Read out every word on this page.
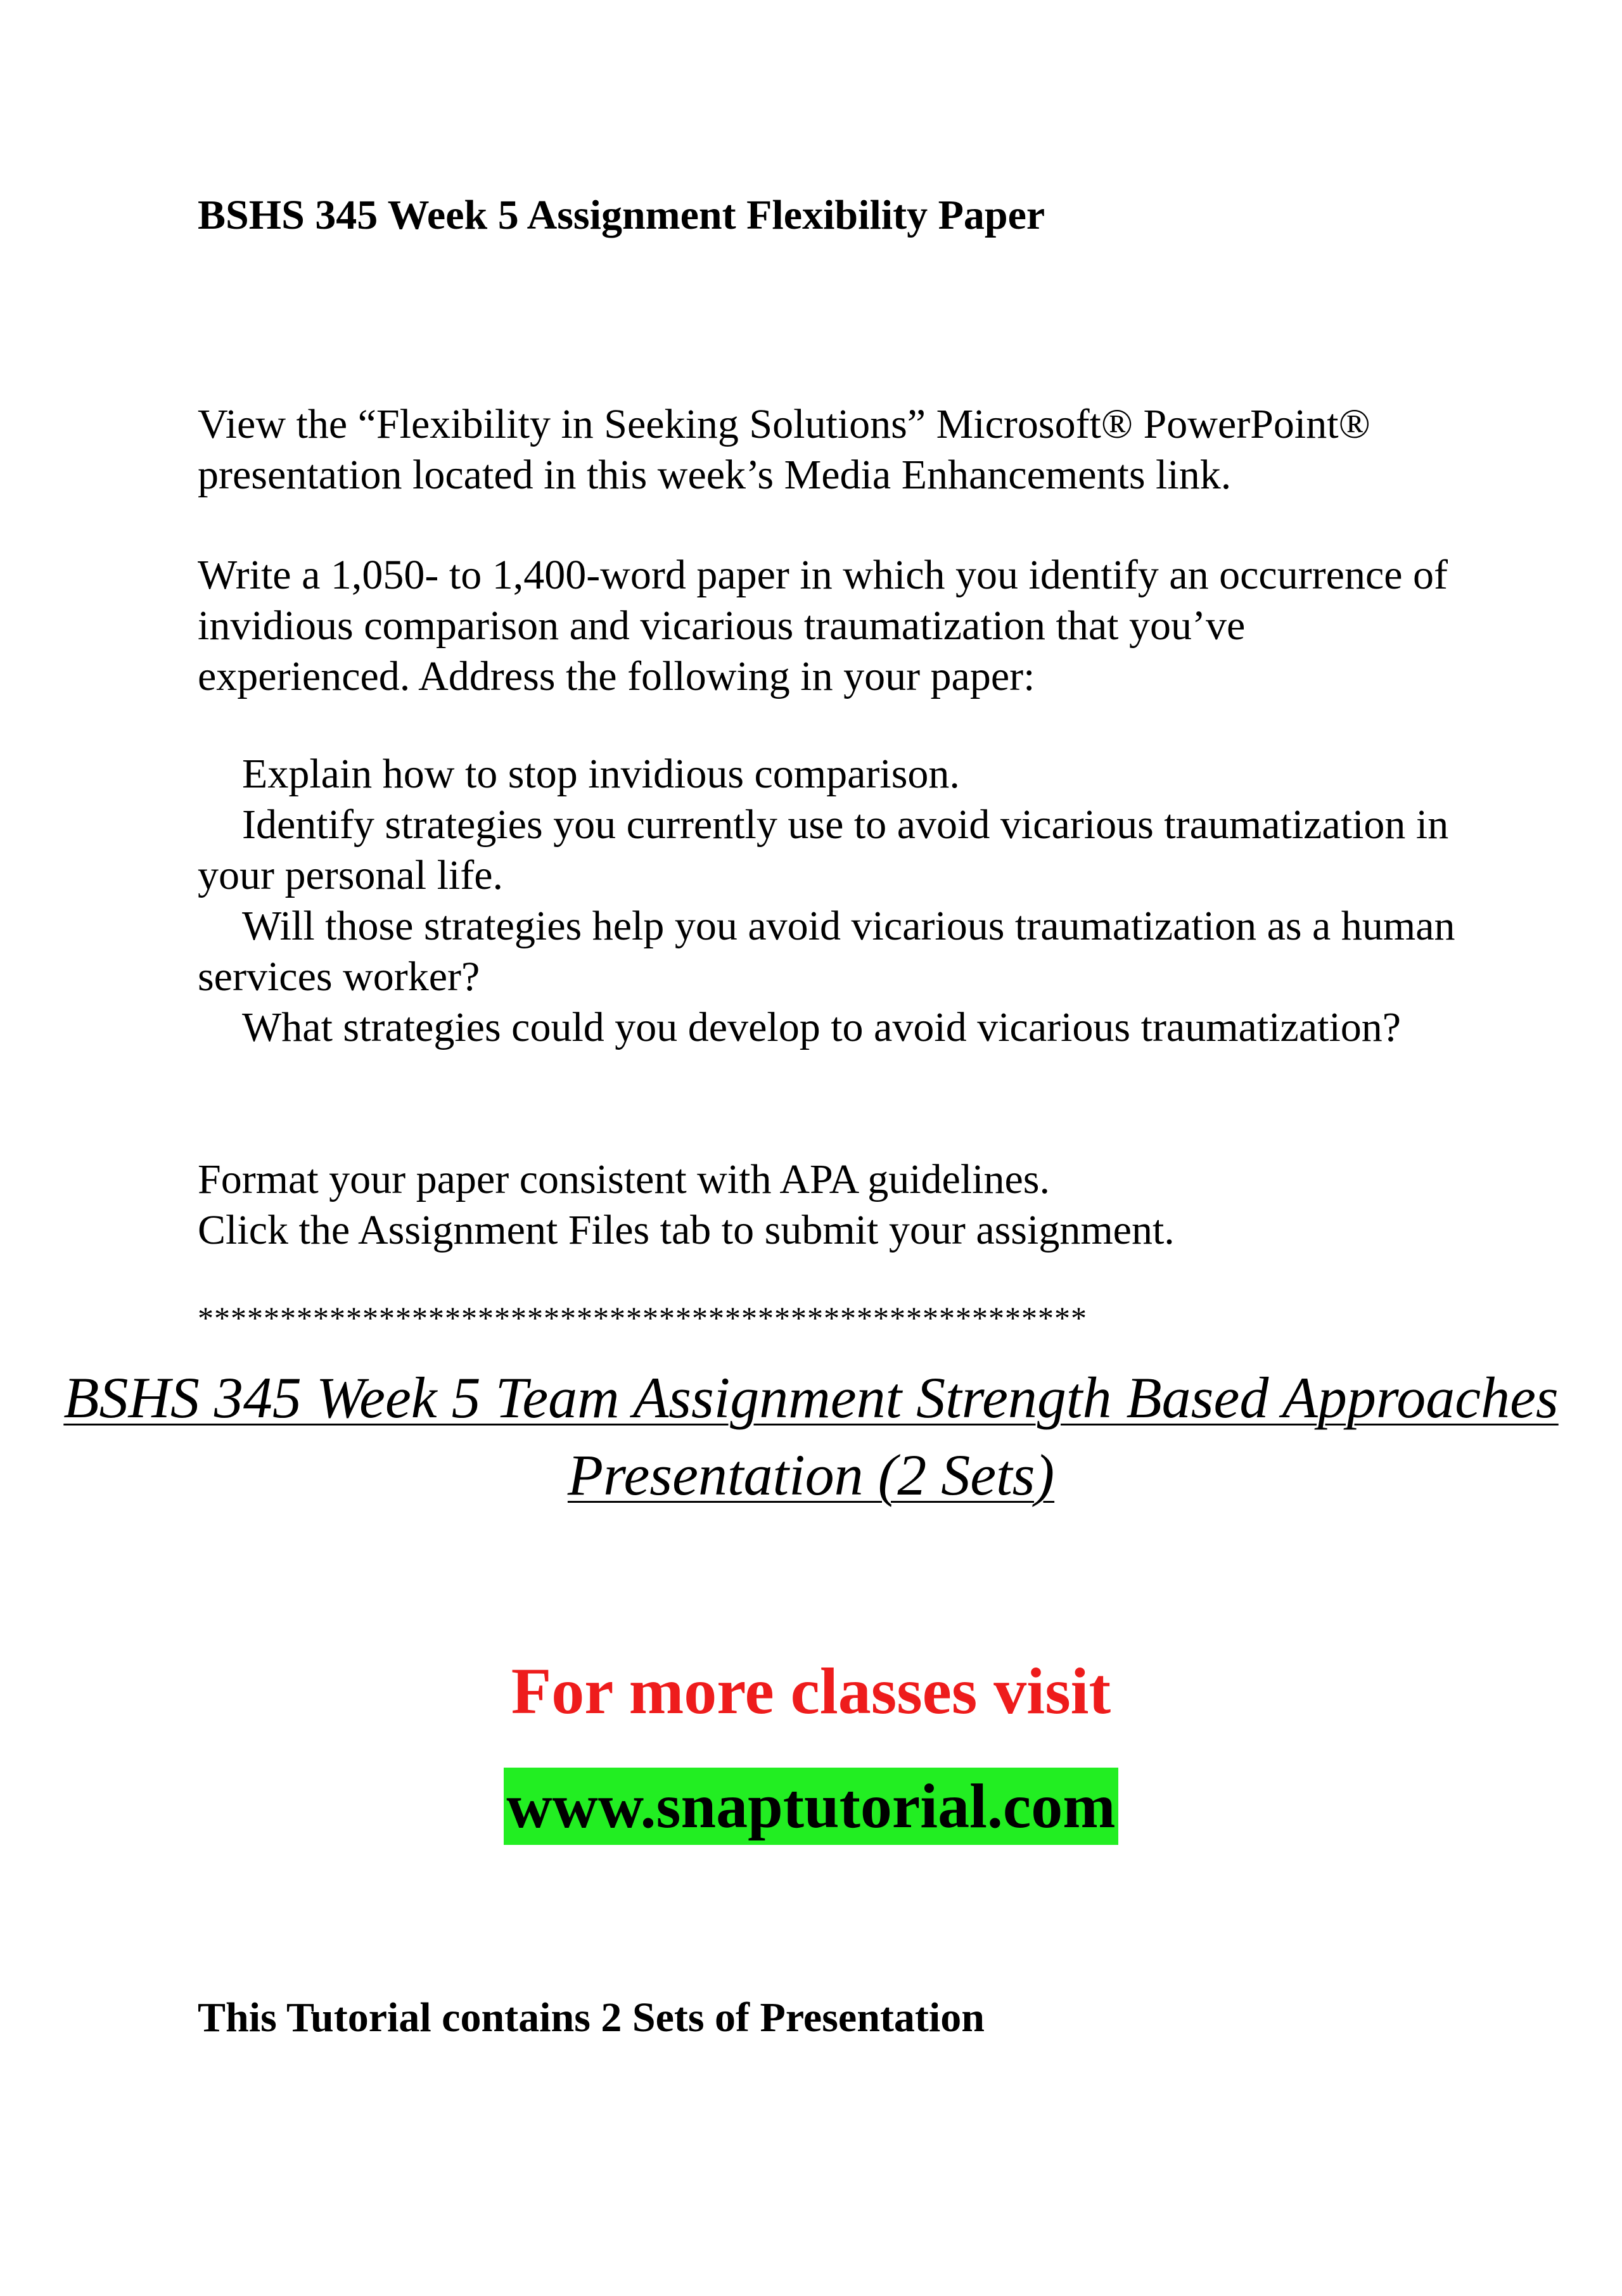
BSHS 345 Week 5 Assignment Flexibility Paper

View the “Flexibility in Seeking Solutions” Microsoft® PowerPoint® presentation located in this week’s Media Enhancements link.

Write a 1,050- to 1,400-word paper in which you identify an occurrence of invidious comparison and vicarious traumatization that you’ve experienced. Address the following in your paper:

Explain how to stop invidious comparison.

Identify strategies you currently use to avoid vicarious traumatization in your personal life.

Will those strategies help you avoid vicarious traumatization as a human services worker?

What strategies could you develop to avoid vicarious traumatization?

Format your paper consistent with APA guidelines.
Click the Assignment Files tab to submit your assignment.
******************************************************
BSHS 345 Week 5 Team Assignment Strength Based Approaches Presentation (2 Sets)
For more classes visit
www.snaptutorial.com
This Tutorial contains 2 Sets of Presentation
